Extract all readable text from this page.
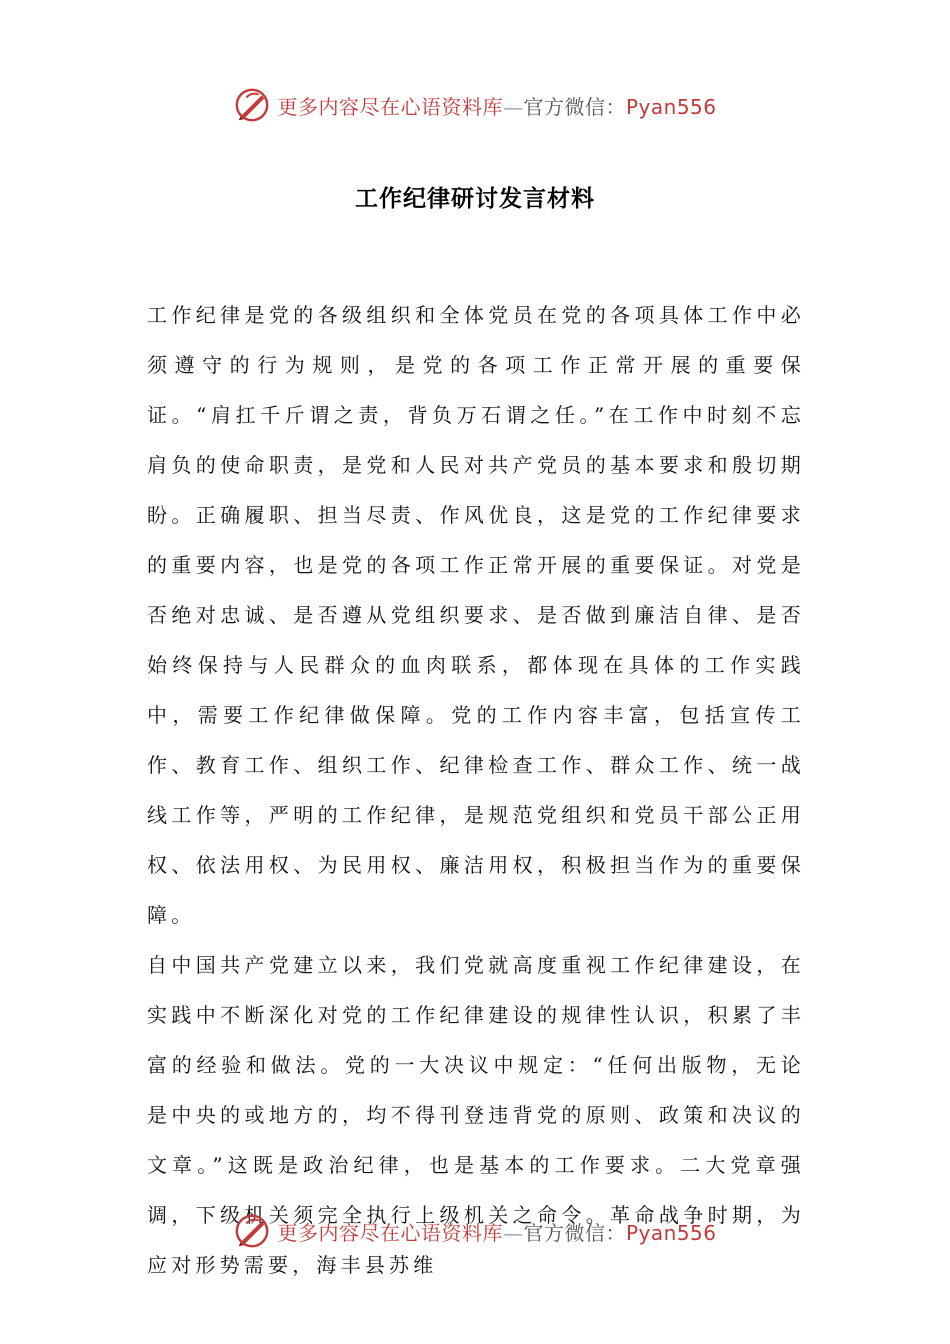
更多内容尽在心语资料库—官方微信：Pyan556
工作纪律研讨发言材料

工作纪律是党的各级组织和全体党员在党的各项具体工作中必须遵守的行为规则，是党的各项工作正常开展的重要保证。“肩扛千斤谓之责，背负万石谓之任。”在工作中时刻不忘肩负的使命职责，是党和人民对共产党员的基本要求和殷切期盼。正确履职、担当尽责、作风优良，这是党的工作纪律要求的重要内容，也是党的各项工作正常开展的重要保证。对党是否绝对忠诚、是否遵从党组织要求、是否做到廉洁自律、是否始终保持与人民群众的血肉联系，都体现在具体的工作实践中，需要工作纪律做保障。党的工作内容丰富，包括宣传工作、教育工作、组织工作、纪律检查工作、群众工作、统一战线工作等，严明的工作纪律，是规范党组织和党员干部公正用权、依法用权、为民用权、廉洁用权，积极担当作为的重要保障。

自中国共产党建立以来，我们党就高度重视工作纪律建设，在实践中不断深化对党的工作纪律建设的规律性认识，积累了丰富的经验和做法。党的一大决议中规定：“任何出版物，无论是中央的或地方的，均不得刊登违背党的原则、政策和决议的文章。”这既是政治纪律，也是基本的工作要求。二大党章强调，下级机关须完全执行上级机关之命令。革命战争时期，为应对形势需要，海丰县苏维

更多内容尽在心语资料库—官方微信：Pyan556
